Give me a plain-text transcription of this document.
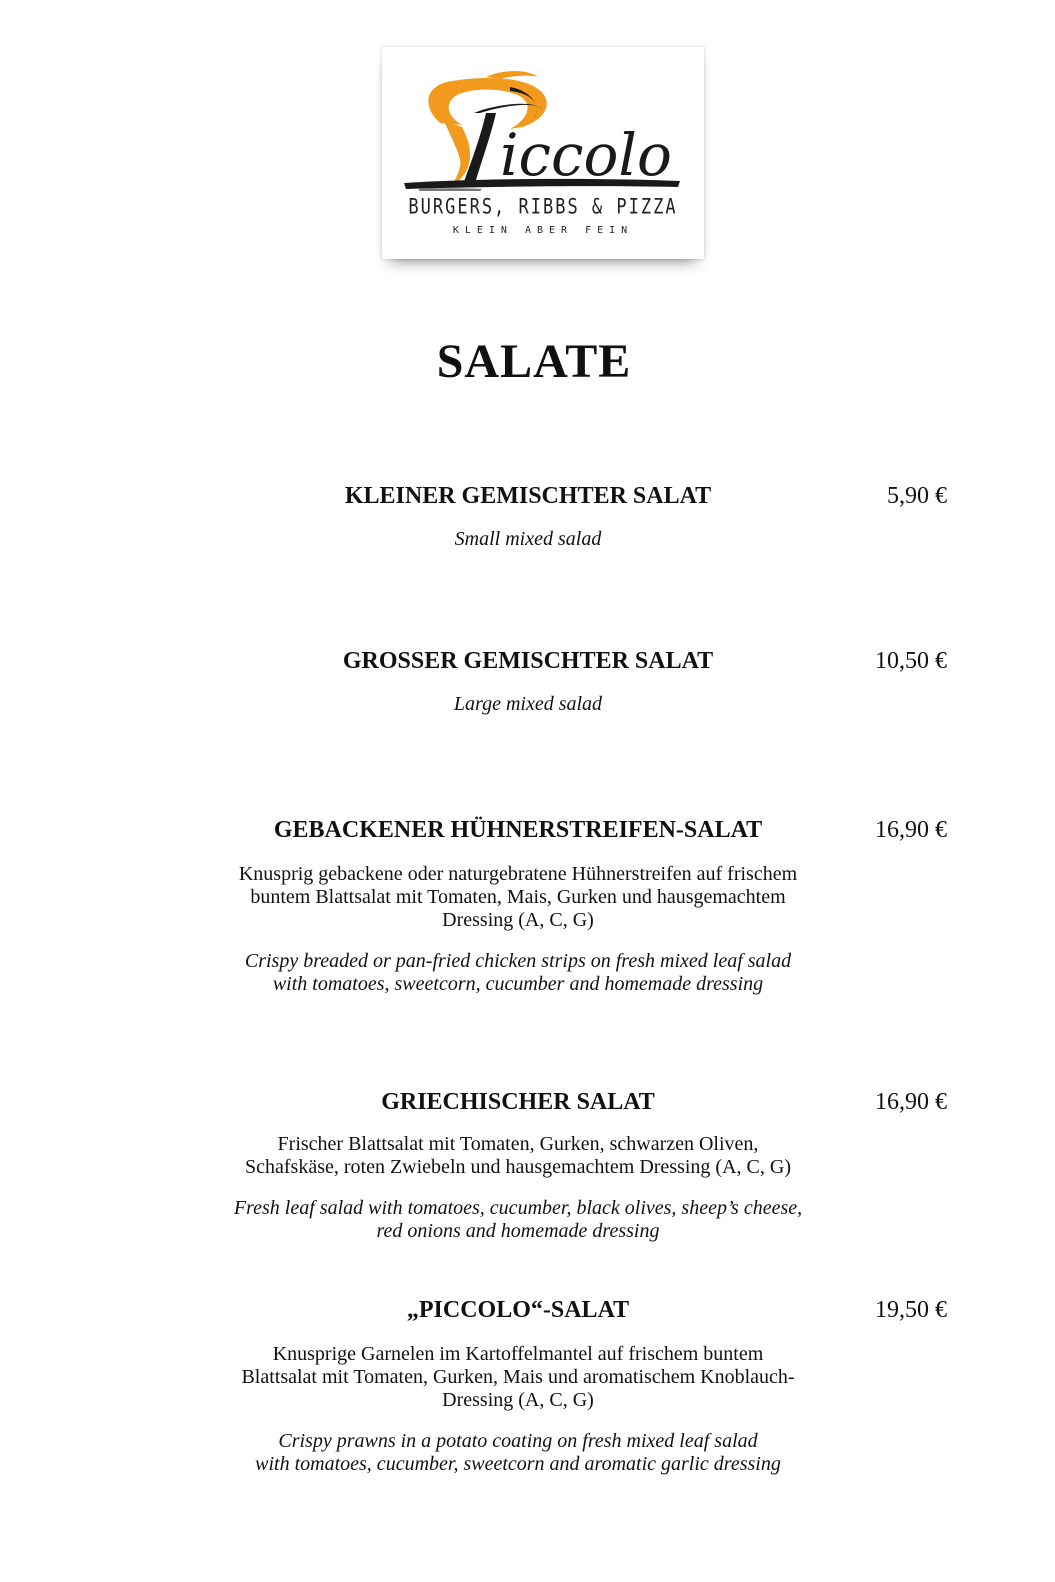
iccolo
BURGERS, RIBBS & PIZZA
KLEIN ABER FEIN
SALATE
KLEINER GEMISCHTER SALAT	5,90 €
Small mixed salad
GROSSER GEMISCHTER SALAT	10,50 €
Large mixed salad
GEBACKENER HÜHNERSTREIFEN-SALAT	16,90 €
Knusprig gebackene oder naturgebratene Hühnerstreifen auf frischem
buntem Blattsalat mit Tomaten, Mais, Gurken und hausgemachtem
Dressing (A, C, G)
Crispy breaded or pan-fried chicken strips on fresh mixed leaf salad
with tomatoes, sweetcorn, cucumber and homemade dressing
GRIECHISCHER SALAT	16,90 €
Frischer Blattsalat mit Tomaten, Gurken, schwarzen Oliven,
Schafskäse, roten Zwiebeln und hausgemachtem Dressing (A, C, G)
Fresh leaf salad with tomatoes, cucumber, black olives, sheep’s cheese,
red onions and homemade dressing
„PICCOLO“-SALAT	19,50 €
Knusprige Garnelen im Kartoffelmantel auf frischem buntem
Blattsalat mit Tomaten, Gurken, Mais und aromatischem Knoblauch-
Dressing (A, C, G)
Crispy prawns in a potato coating on fresh mixed leaf salad
with tomatoes, cucumber, sweetcorn and aromatic garlic dressing
